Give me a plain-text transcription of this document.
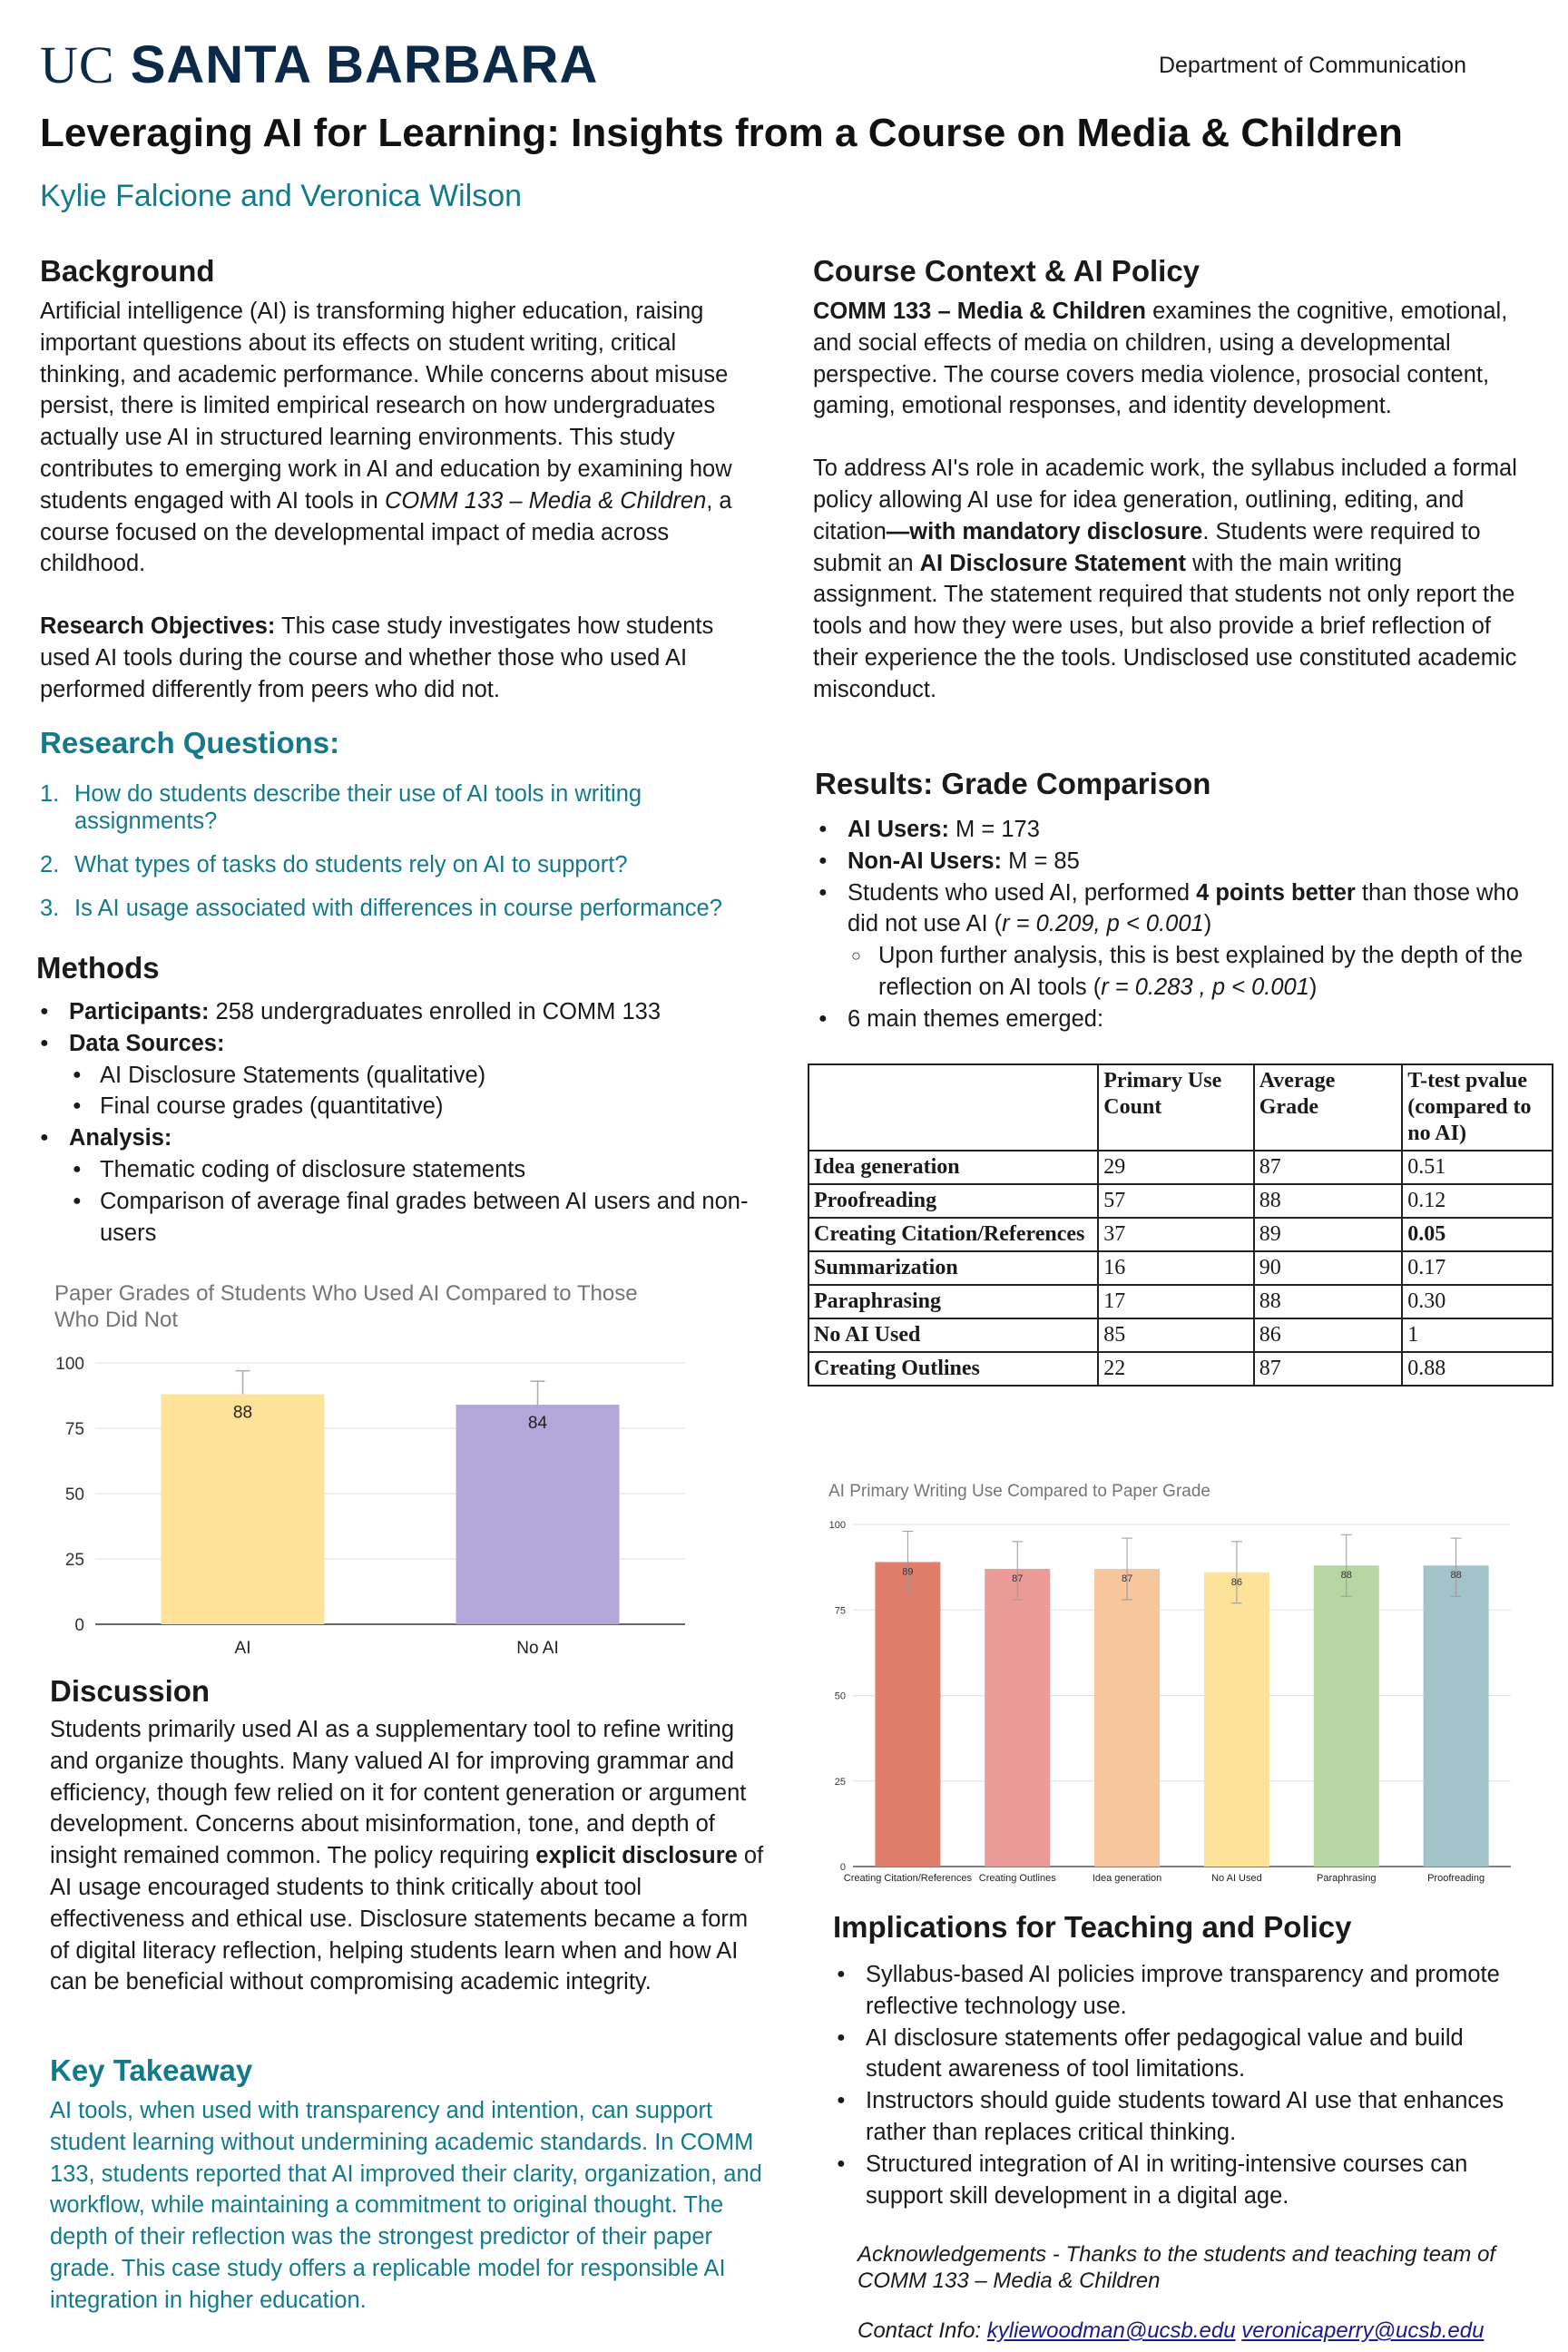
UC SANTA BARBARA	Department of Communication
Leveraging AI for Learning: Insights from a Course on Media & Children
Kylie Falcione and Veronica Wilson
Background

Artificial intelligence (AI) is transforming higher education, raising important questions about its effects on student writing, critical thinking, and academic performance. While concerns about misuse persist, there is limited empirical research on how undergraduates actually use AI in structured learning environments. This study contributes to emerging work in AI and education by examining how students engaged with AI tools in COMM 133 – Media & Children, a course focused on the developmental impact of media across childhood.

Research Objectives: This case study investigates how students used AI tools during the course and whether those who used AI performed differently from peers who did not.

Research Questions:
1. How do students describe their use of AI tools in writing assignments?
2. What types of tasks do students rely on AI to support?
3. Is AI usage associated with differences in course performance?
Methods
● Participants: 258 undergraduates enrolled in COMM 133
● Data Sources:
● AI Disclosure Statements (qualitative)
● Final course grades (quantitative)
● Analysis:
● Thematic coding of disclosure statements
● Comparison of average final grades between AI users and non-users
Paper Grades of Students Who Used AI Compared to Those
Who Did Not
0
25
50
75
100
88
AI
84
No AI
Discussion

Students primarily used AI as a supplementary tool to refine writing and organize thoughts. Many valued AI for improving grammar and efficiency, though few relied on it for content generation or argument development. Concerns about misinformation, tone, and depth of insight remained common. The policy requiring explicit disclosure of AI usage encouraged students to think critically about tool effectiveness and ethical use. Disclosure statements became a form of digital literacy reflection, helping students learn when and how AI can be beneficial without compromising academic integrity.

Key Takeaway

AI tools, when used with transparency and intention, can support student learning without undermining academic standards. In COMM 133, students reported that AI improved their clarity, organization, and workflow, while maintaining a commitment to original thought. The depth of their reflection was the strongest predictor of their paper grade. This case study offers a replicable model for responsible AI integration in higher education.

Course Context & AI Policy

COMM 133 – Media & Children examines the cognitive, emotional, and social effects of media on children, using a developmental perspective. The course covers media violence, prosocial content, gaming, emotional responses, and identity development.

To address AI's role in academic work, the syllabus included a formal policy allowing AI use for idea generation, outlining, editing, and citation—with mandatory disclosure. Students were required to submit an AI Disclosure Statement with the main writing assignment. The statement required that students not only report the tools and how they were uses, but also provide a brief reflection of their experience the the tools. Undisclosed use constituted academic misconduct.

Results: Grade Comparison
● AI Users: M = 173
● Non-AI Users: M = 85
● Students who used AI, performed 4 points better than those who did not use AI (r = 0.209, p < 0.001)
○ Upon further analysis, this is best explained by the depth of the reflection on AI tools (r = 0.283 , p < 0.001)
● 6 main themes emerged:
	Primary Use Count	Average Grade	T-test pvalue (compared to no AI)
Idea generation	29	87	0.51
Proofreading	57	88	0.12
Creating Citation/References	37	89	0.05
Summarization	16	90	0.17
Paraphrasing	17	88	0.30
No AI Used	85	86	1
Creating Outlines	22	87	0.88
AI Primary Writing Use Compared to Paper Grade
0
25
50
75
100
89
Creating Citation/References
87
Creating Outlines
87
Idea generation
86
No AI Used
88
Paraphrasing
88
Proofreading
Implications for Teaching and Policy
● Syllabus-based AI policies improve transparency and promote reflective technology use.
● AI disclosure statements offer pedagogical value and build student awareness of tool limitations.
● Instructors should guide students toward AI use that enhances rather than replaces critical thinking.
● Structured integration of AI in writing-intensive courses can support skill development in a digital age.
Acknowledgements - Thanks to the students and teaching team of COMM 133 – Media & Children
Contact Info: kyliewoodman@ucsb.edu veronicaperry@ucsb.edu
